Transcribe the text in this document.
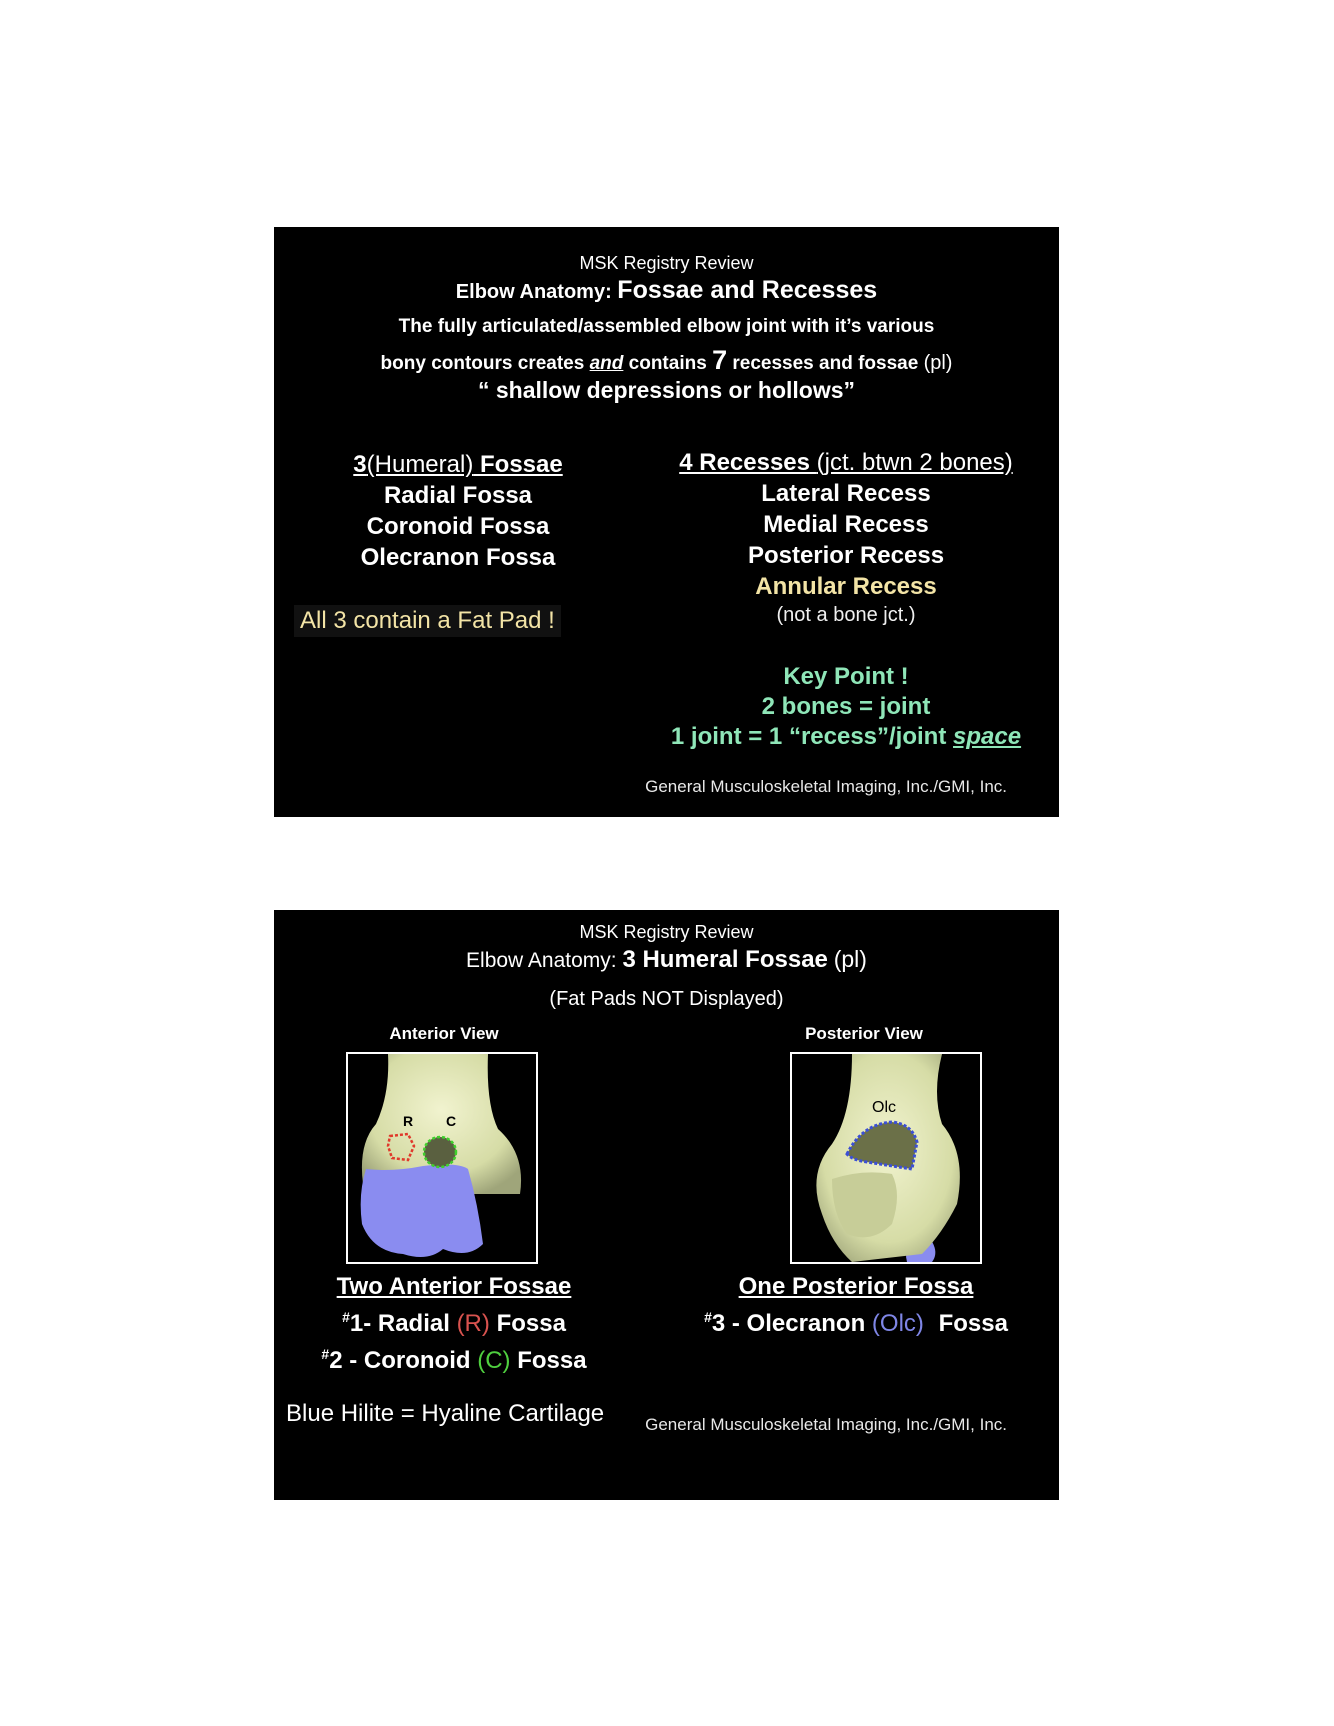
MSK Registry Review
Elbow Anatomy: Fossae and Recesses
The fully articulated/assembled elbow joint with it’s various
bony contours creates and contains 7 recesses and fossae (pl)
“ shallow depressions or hollows”
3(Humeral) Fossae
Radial Fossa
Coronoid Fossa
Olecranon Fossa
All 3 contain a Fat Pad !
4 Recesses (jct. btwn 2 bones)
Lateral Recess
Medial Recess
Posterior Recess
Annular Recess
(not a bone jct.)
Key Point !
2 bones = joint
1 joint = 1 “recess”/joint space
General Musculoskeletal Imaging, Inc./GMI, Inc.
MSK Registry Review
Elbow Anatomy: 3 Humeral Fossae (pl)
(Fat Pads NOT Displayed)
Anterior View
Lat	Med
R C
Posterior View
Med	Lat
Olc
Two Anterior Fossae
#1- Radial (R) Fossa
#2 - Coronoid (C) Fossa
One Posterior Fossa
#3 - Olecranon (Olc) Fossa
Blue Hilite = Hyaline Cartilage General Musculoskeletal Imaging, Inc./GMI, Inc.
